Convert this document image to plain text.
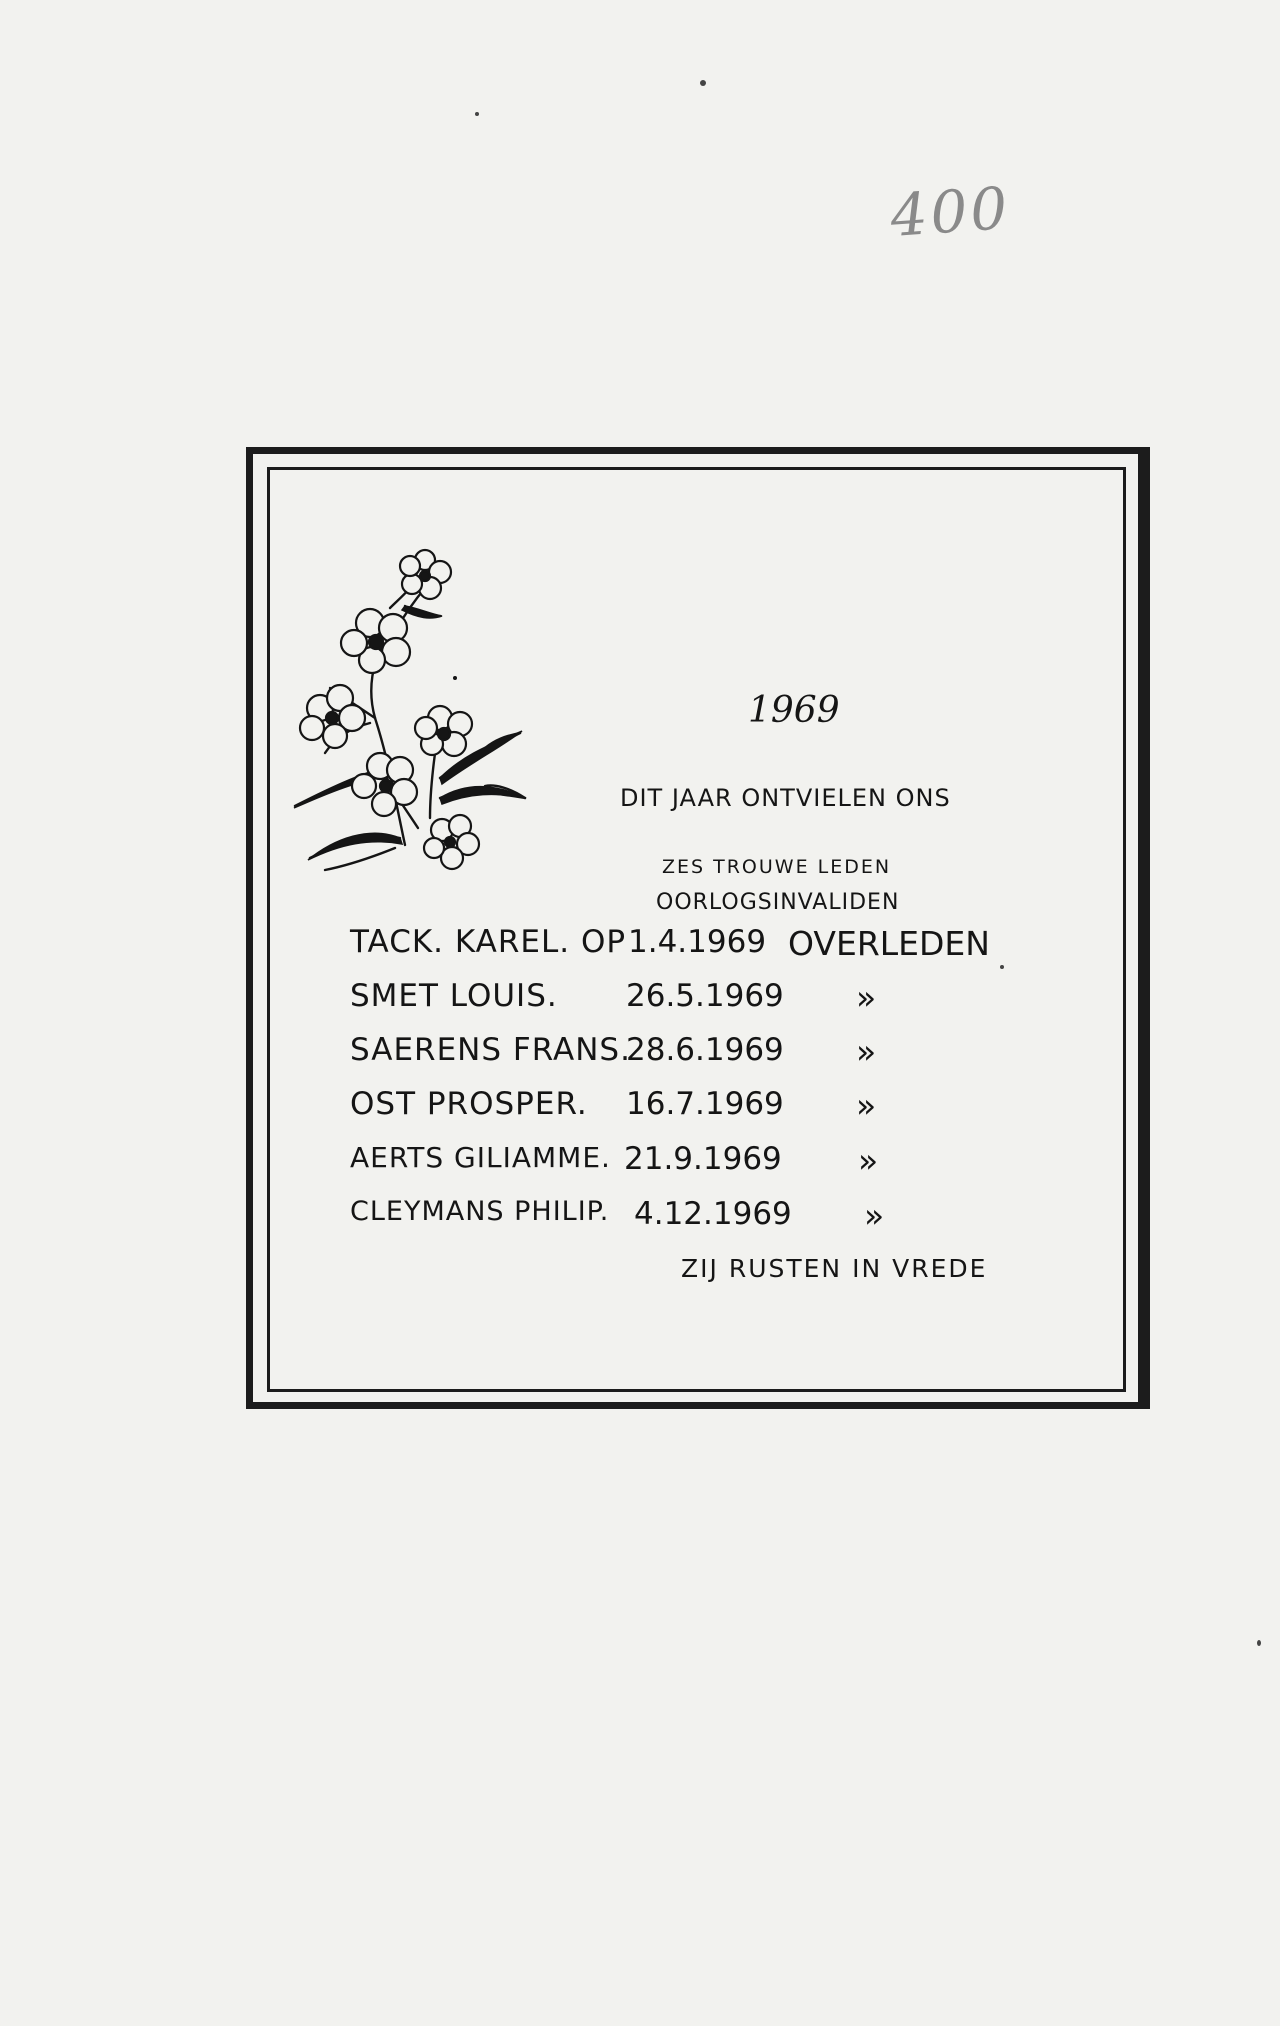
400
1969
DIT JAAR ONTVIELEN ONS
ZES TROUWE LEDEN
OORLOGSINVALIDEN
TACK. KAREL. OP 1.4.1969 OVERLEDEN
SMET LOUIS. 26.5.1969 »
SAERENS FRANS.
28.6.1969 »
OST PROSPER. 16.7.1969 »
AERTS GILIAMME. 21.9.1969 »
CLEYMANS PHILIP. 4.12.1969 »
ZIJ RUSTEN IN VREDE
